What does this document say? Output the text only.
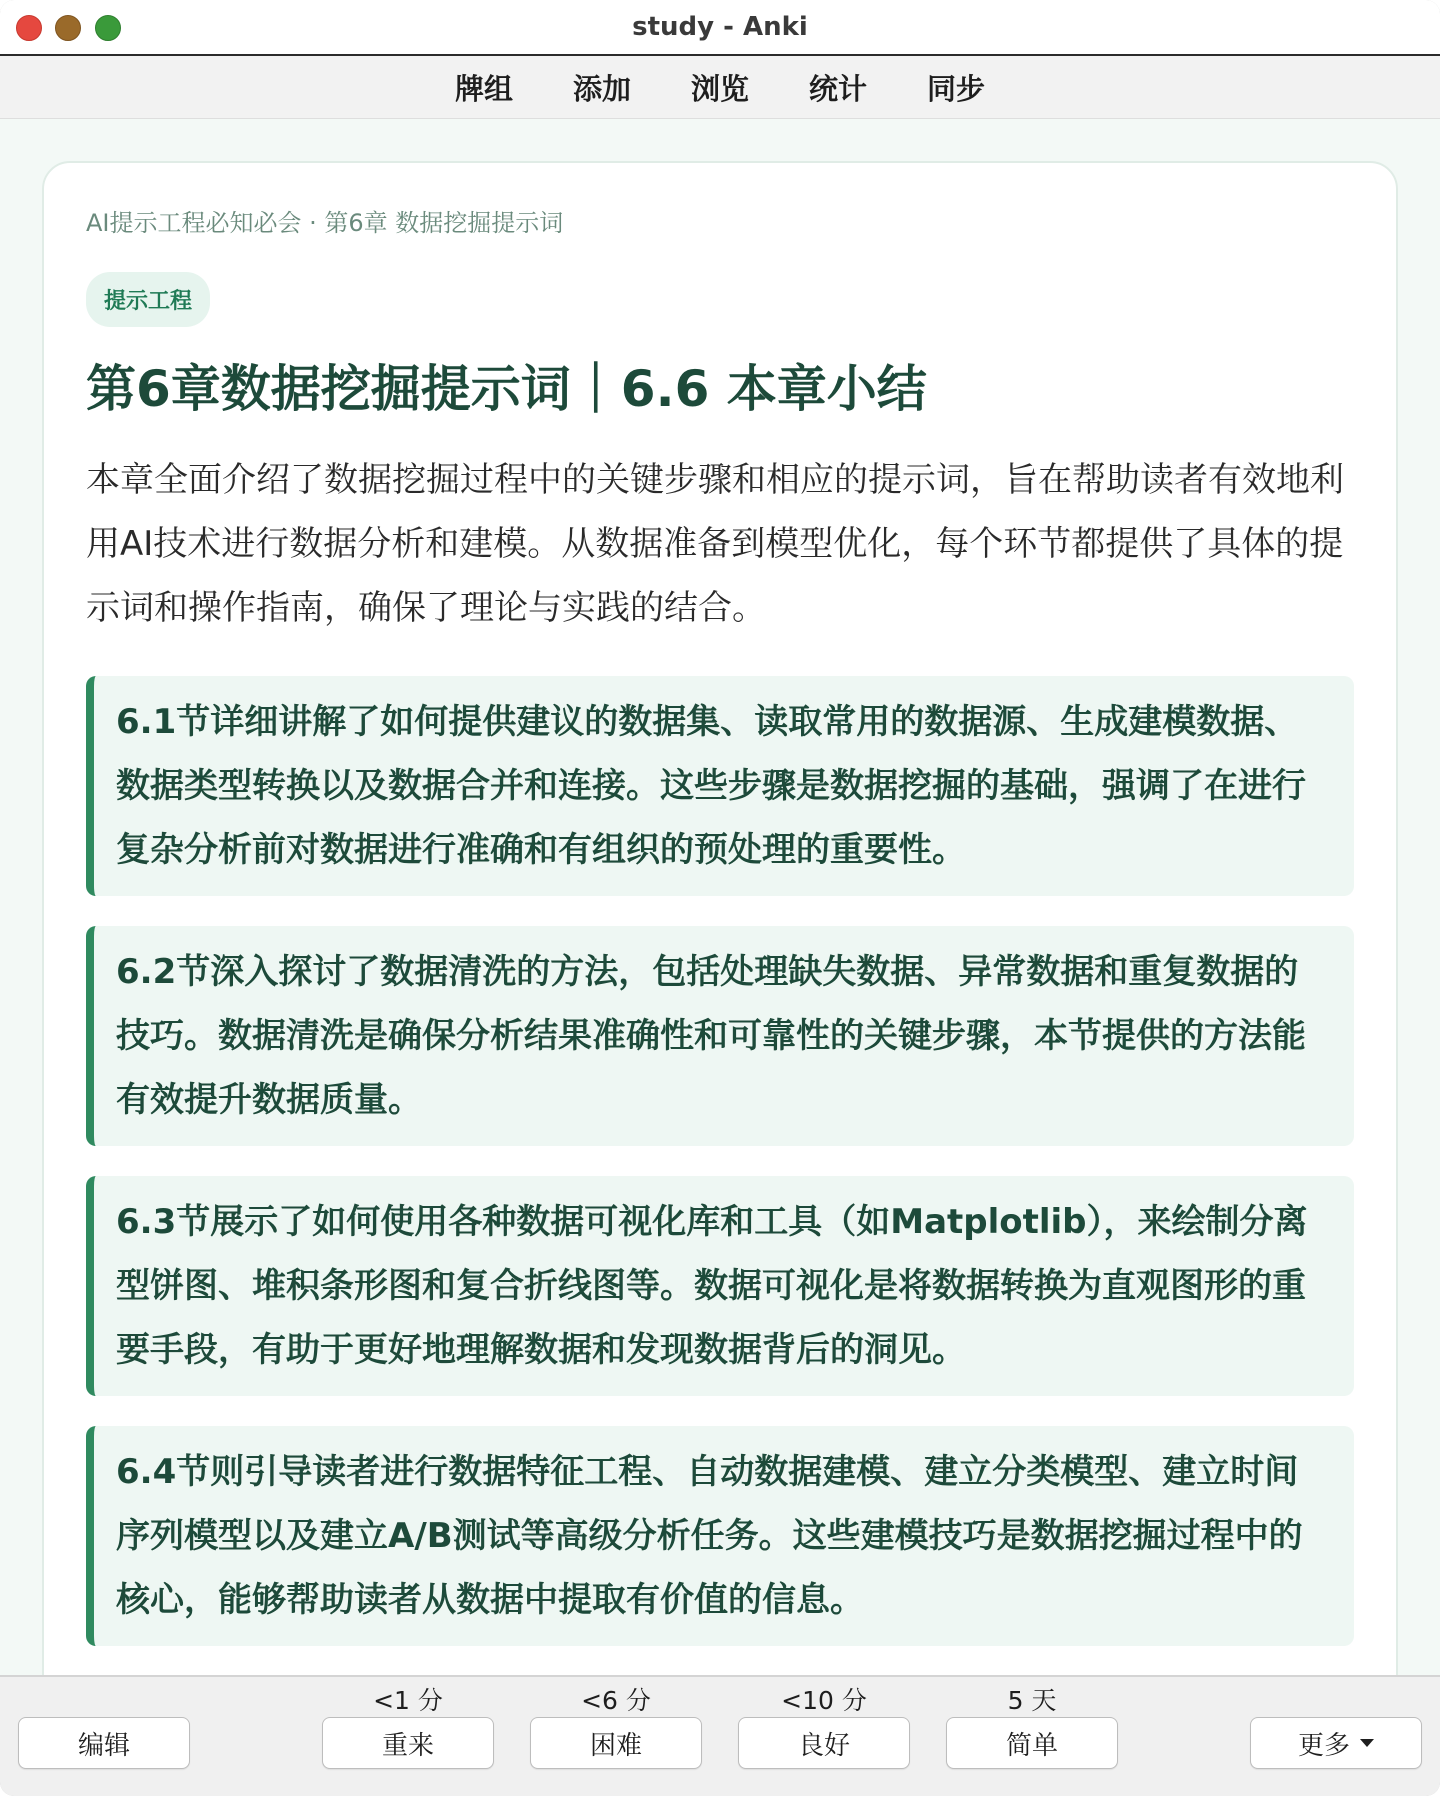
study - Anki
牌组 添加 浏览 统计 同步
AI提示工程必知必会 · 第6章 数据挖掘提示词
提示工程
第6章数据挖掘提示词｜6.6 本章小结

本章全面介绍了数据挖掘过程中的关键步骤和相应的提示词，旨在帮助读者有效地利用AI技术进行数据分析和建模。从数据准备到模型优化，每个环节都提供了具体的提示词和操作指南，确保了理论与实践的结合。

6.1节详细讲解了如何提供建议的数据集、读取常用的数据源、生成建模数据、数据类型转换以及数据合并和连接。这些步骤是数据挖掘的基础，强调了在进行复杂分析前对数据进行准确和有组织的预处理的重要性。
6.2节深入探讨了数据清洗的方法，包括处理缺失数据、异常数据和重复数据的技巧。数据清洗是确保分析结果准确性和可靠性的关键步骤，本节提供的方法能有效提升数据质量。
6.3节展示了如何使用各种数据可视化库和工具（如Matplotlib），来绘制分离型饼图、堆积条形图和复合折线图等。数据可视化是将数据转换为直观图形的重要手段，有助于更好地理解数据和发现数据背后的洞见。
6.4节则引导读者进行数据特征工程、自动数据建模、建立分类模型、建立时间序列模型以及建立A/B测试等高级分析任务。这些建模技巧是数据挖掘过程中的核心，能够帮助读者从数据中提取有价值的信息。
编辑
<1 分
重来
<6 分
困难
<10 分
良好
5 天
简单	更多
